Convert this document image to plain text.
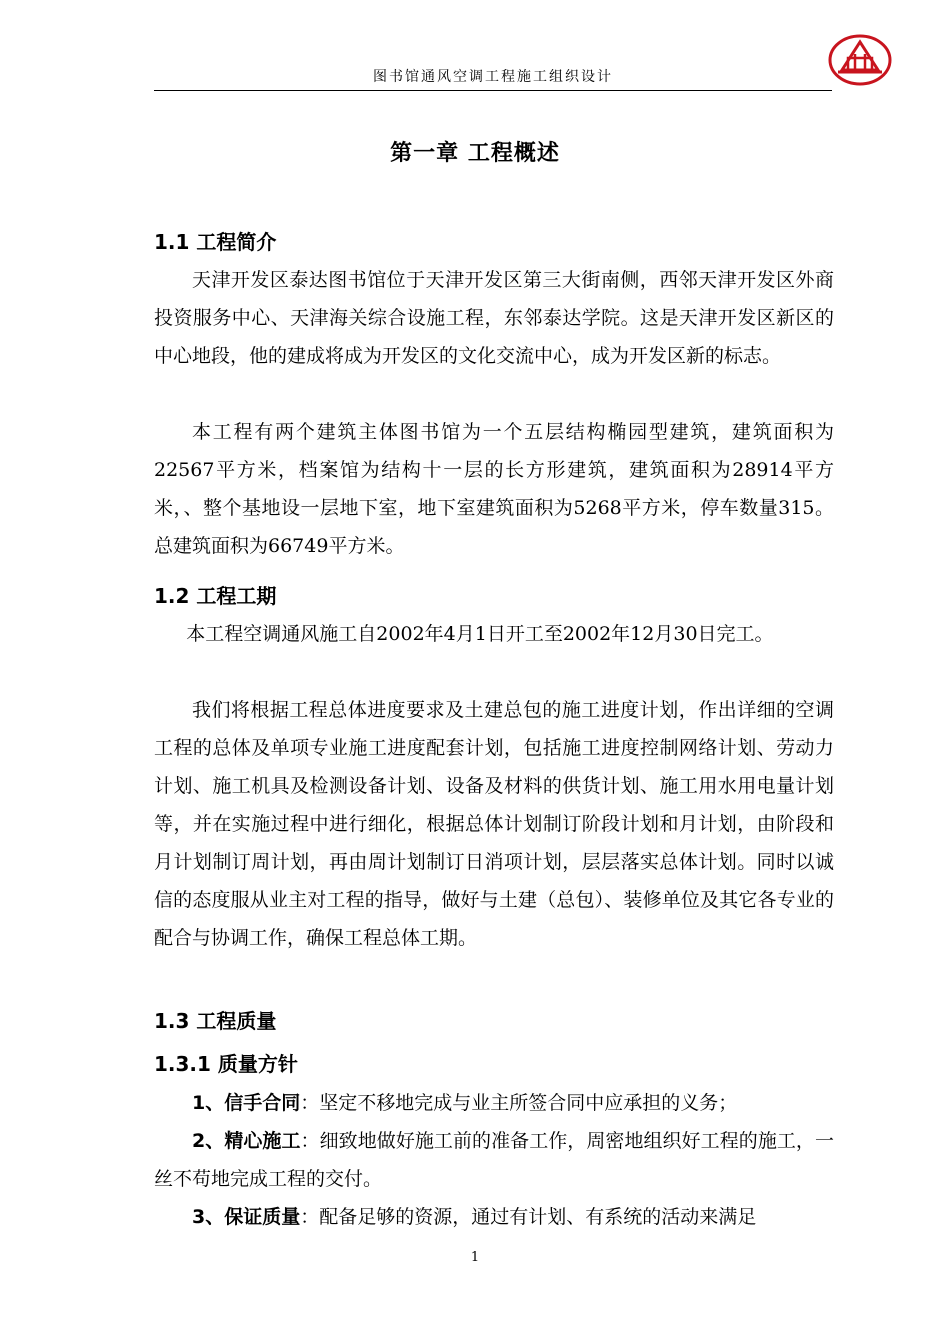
图书馆通风空调工程施工组织设计
第一章 工程概述
1.1 工程简介

天津开发区泰达图书馆位于天津开发区第三大街南侧，西邻天津开发区外商投资服务中心、天津海关综合设施工程，东邻泰达学院。这是天津开发区新区的中心地段，他的建成将成为开发区的文化交流中心，成为开发区新的标志。

本工程有两个建筑主体图书馆为一个五层结构椭园型建筑，建筑面积为22567平方米，档案馆为结构十一层的长方形建筑，建筑面积为28914平方米，、整个基地设一层地下室，地下室建筑面积为5268平方米，停车数量315。总建筑面积为66749平方米。

1.2 工程工期

本工程空调通风施工自2002年4月1日开工至2002年12月30日完工。

我们将根据工程总体进度要求及土建总包的施工进度计划，作出详细的空调工程的总体及单项专业施工进度配套计划，包括施工进度控制网络计划、劳动力计划、施工机具及检测设备计划、设备及材料的供货计划、施工用水用电量计划等，并在实施过程中进行细化，根据总体计划制订阶段计划和月计划，由阶段和月计划制订周计划，再由周计划制订日消项计划，层层落实总体计划。同时以诚信的态度服从业主对工程的指导，做好与土建（总包）、装修单位及其它各专业的配合与协调工作，确保工程总体工期。

1.3 工程质量
1.3.1 质量方针

1、信手合同：坚定不移地完成与业主所签合同中应承担的义务；

2、精心施工：细致地做好施工前的准备工作，周密地组织好工程的施工，一丝不苟地完成工程的交付。

3、保证质量：配备足够的资源，通过有计划、有系统的活动来满足

1
